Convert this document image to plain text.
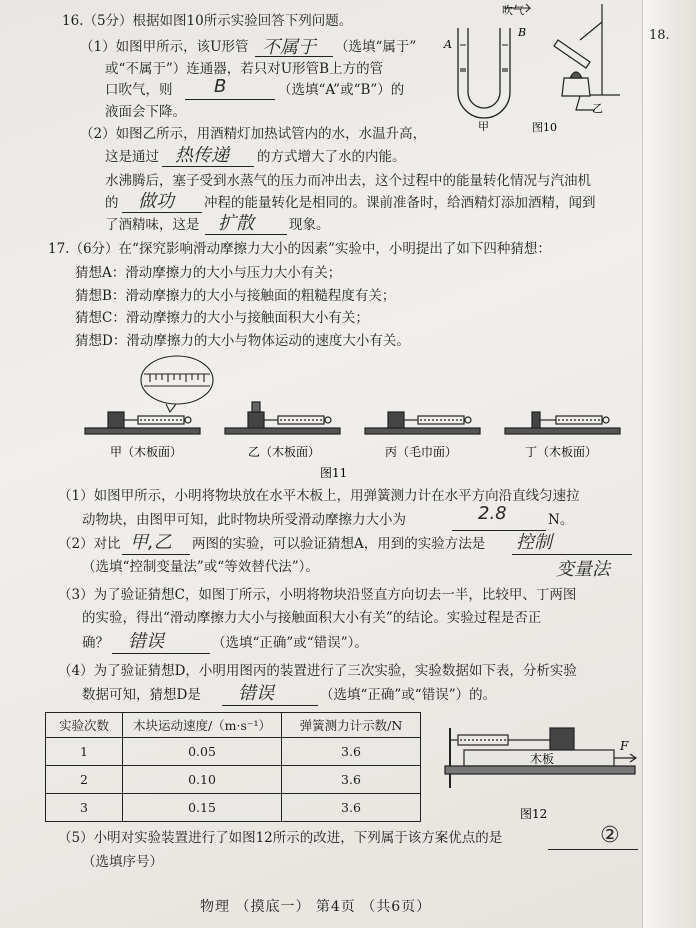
18.
16.（5分）根据如图10所示实验回答下列问题。
（1）如图甲所示，该U形管 不属于 （选填“属于”
或“不属于”）连通器，若只对U形管B上方的管
口吹气，则 B	（选填“A”或“B”）的
液面会下降。
吹气
A
B
甲
乙
图10
（2）如图乙所示，用酒精灯加热试管内的水，水温升高，
这是通过 热传递 的方式增大了水的内能。
水沸腾后，塞子受到水蒸气的压力而冲出去，这个过程中的能量转化情况与汽油机
的 做功 冲程的能量转化是相同的。课前准备时，给酒精灯添加酒精，闻到
了酒精味，这是 扩散	现象。
17.（6分）在“探究影响滑动摩擦力大小的因素”实验中，小明提出了如下四种猜想：
猜想A：滑动摩擦力的大小与压力大小有关；
猜想B：滑动摩擦力的大小与接触面的粗糙程度有关；
猜想C：滑动摩擦力的大小与接触面积大小有关；
猜想D：滑动摩擦力的大小与物体运动的速度大小有关。
甲（木板面）	乙（木板面）	丙（毛巾面）	丁（木板面）
图11
（1）如图甲所示，小明将物块放在水平木板上，用弹簧测力计在水平方向沿直线匀速拉
动物块，由图甲可知，此时物块所受滑动摩擦力大小为	2.8	N。
（2）对比 甲,乙 两图的实验，可以验证猜想A，用到的实验方法是 控制
（选填“控制变量法”或“等效替代法”）。	变量法
（3）为了验证猜想C，如图丁所示，小明将物块沿竖直方向切去一半，比较甲、丁两图
的实验，得出“滑动摩擦力大小与接触面积大小有关”的结论。实验过程是否正
确？ 错误	（选填“正确”或“错误”）。
（4）为了验证猜想D，小明用图丙的装置进行了三次实验，实验数据如下表，分析实验
数据可知，猜想D是 错误	（选填“正确”或“错误”）的。
实验次数	木块运动速度/（m·s⁻¹）	弹簧测力计示数/N
1	0.05	3.6
2	0.10	3.6
3	0.15	3.6
木板
F
图12
（5）小明对实验装置进行了如图12所示的改进，下列属于该方案优点的是	②
（选填序号）
物理 （摸底一） 第4页 （共6页）
